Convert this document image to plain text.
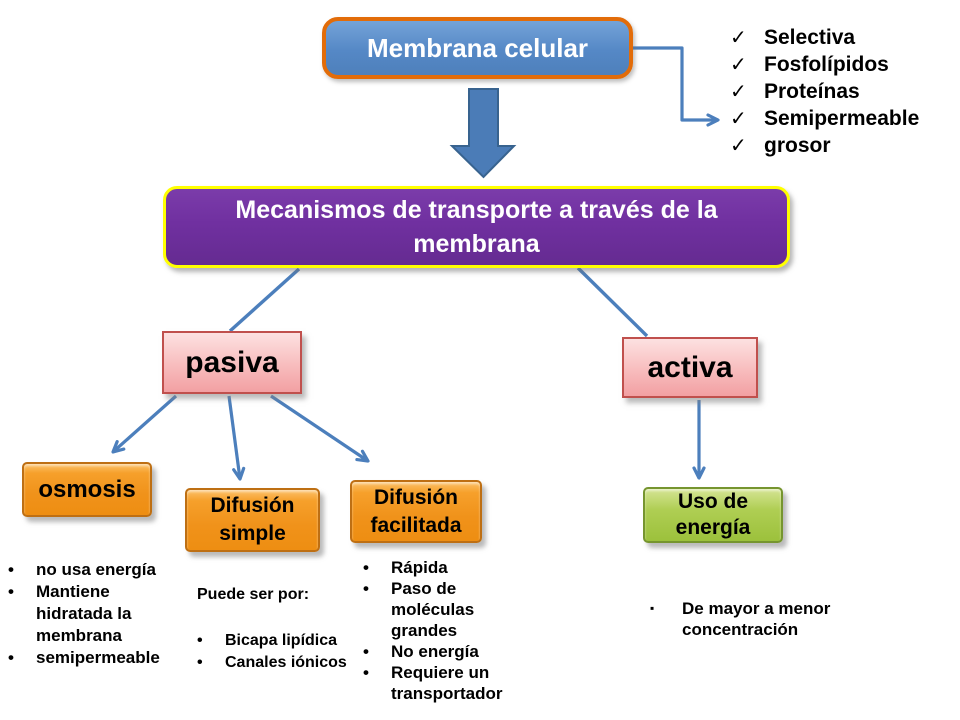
Membrana celular	✓ Selectiva
✓ Fosfolípidos
✓ Proteínas
✓ Semipermeable
✓ grosor
Mecanismos de transporte a través de la membrana
pasiva	activa
osmosis
Difusión simple
Difusión facilitada
Uso de energía
•	no usa energía
•	Mantiene hidratada la membrana
•	semipermeable
Puede ser por:
•	Bicapa lipídica
•	Canales iónicos
•	Rápida
•	Paso de moléculas grandes
•	No energía
•	Requiere un transportador
▪	De mayor a menor concentración
